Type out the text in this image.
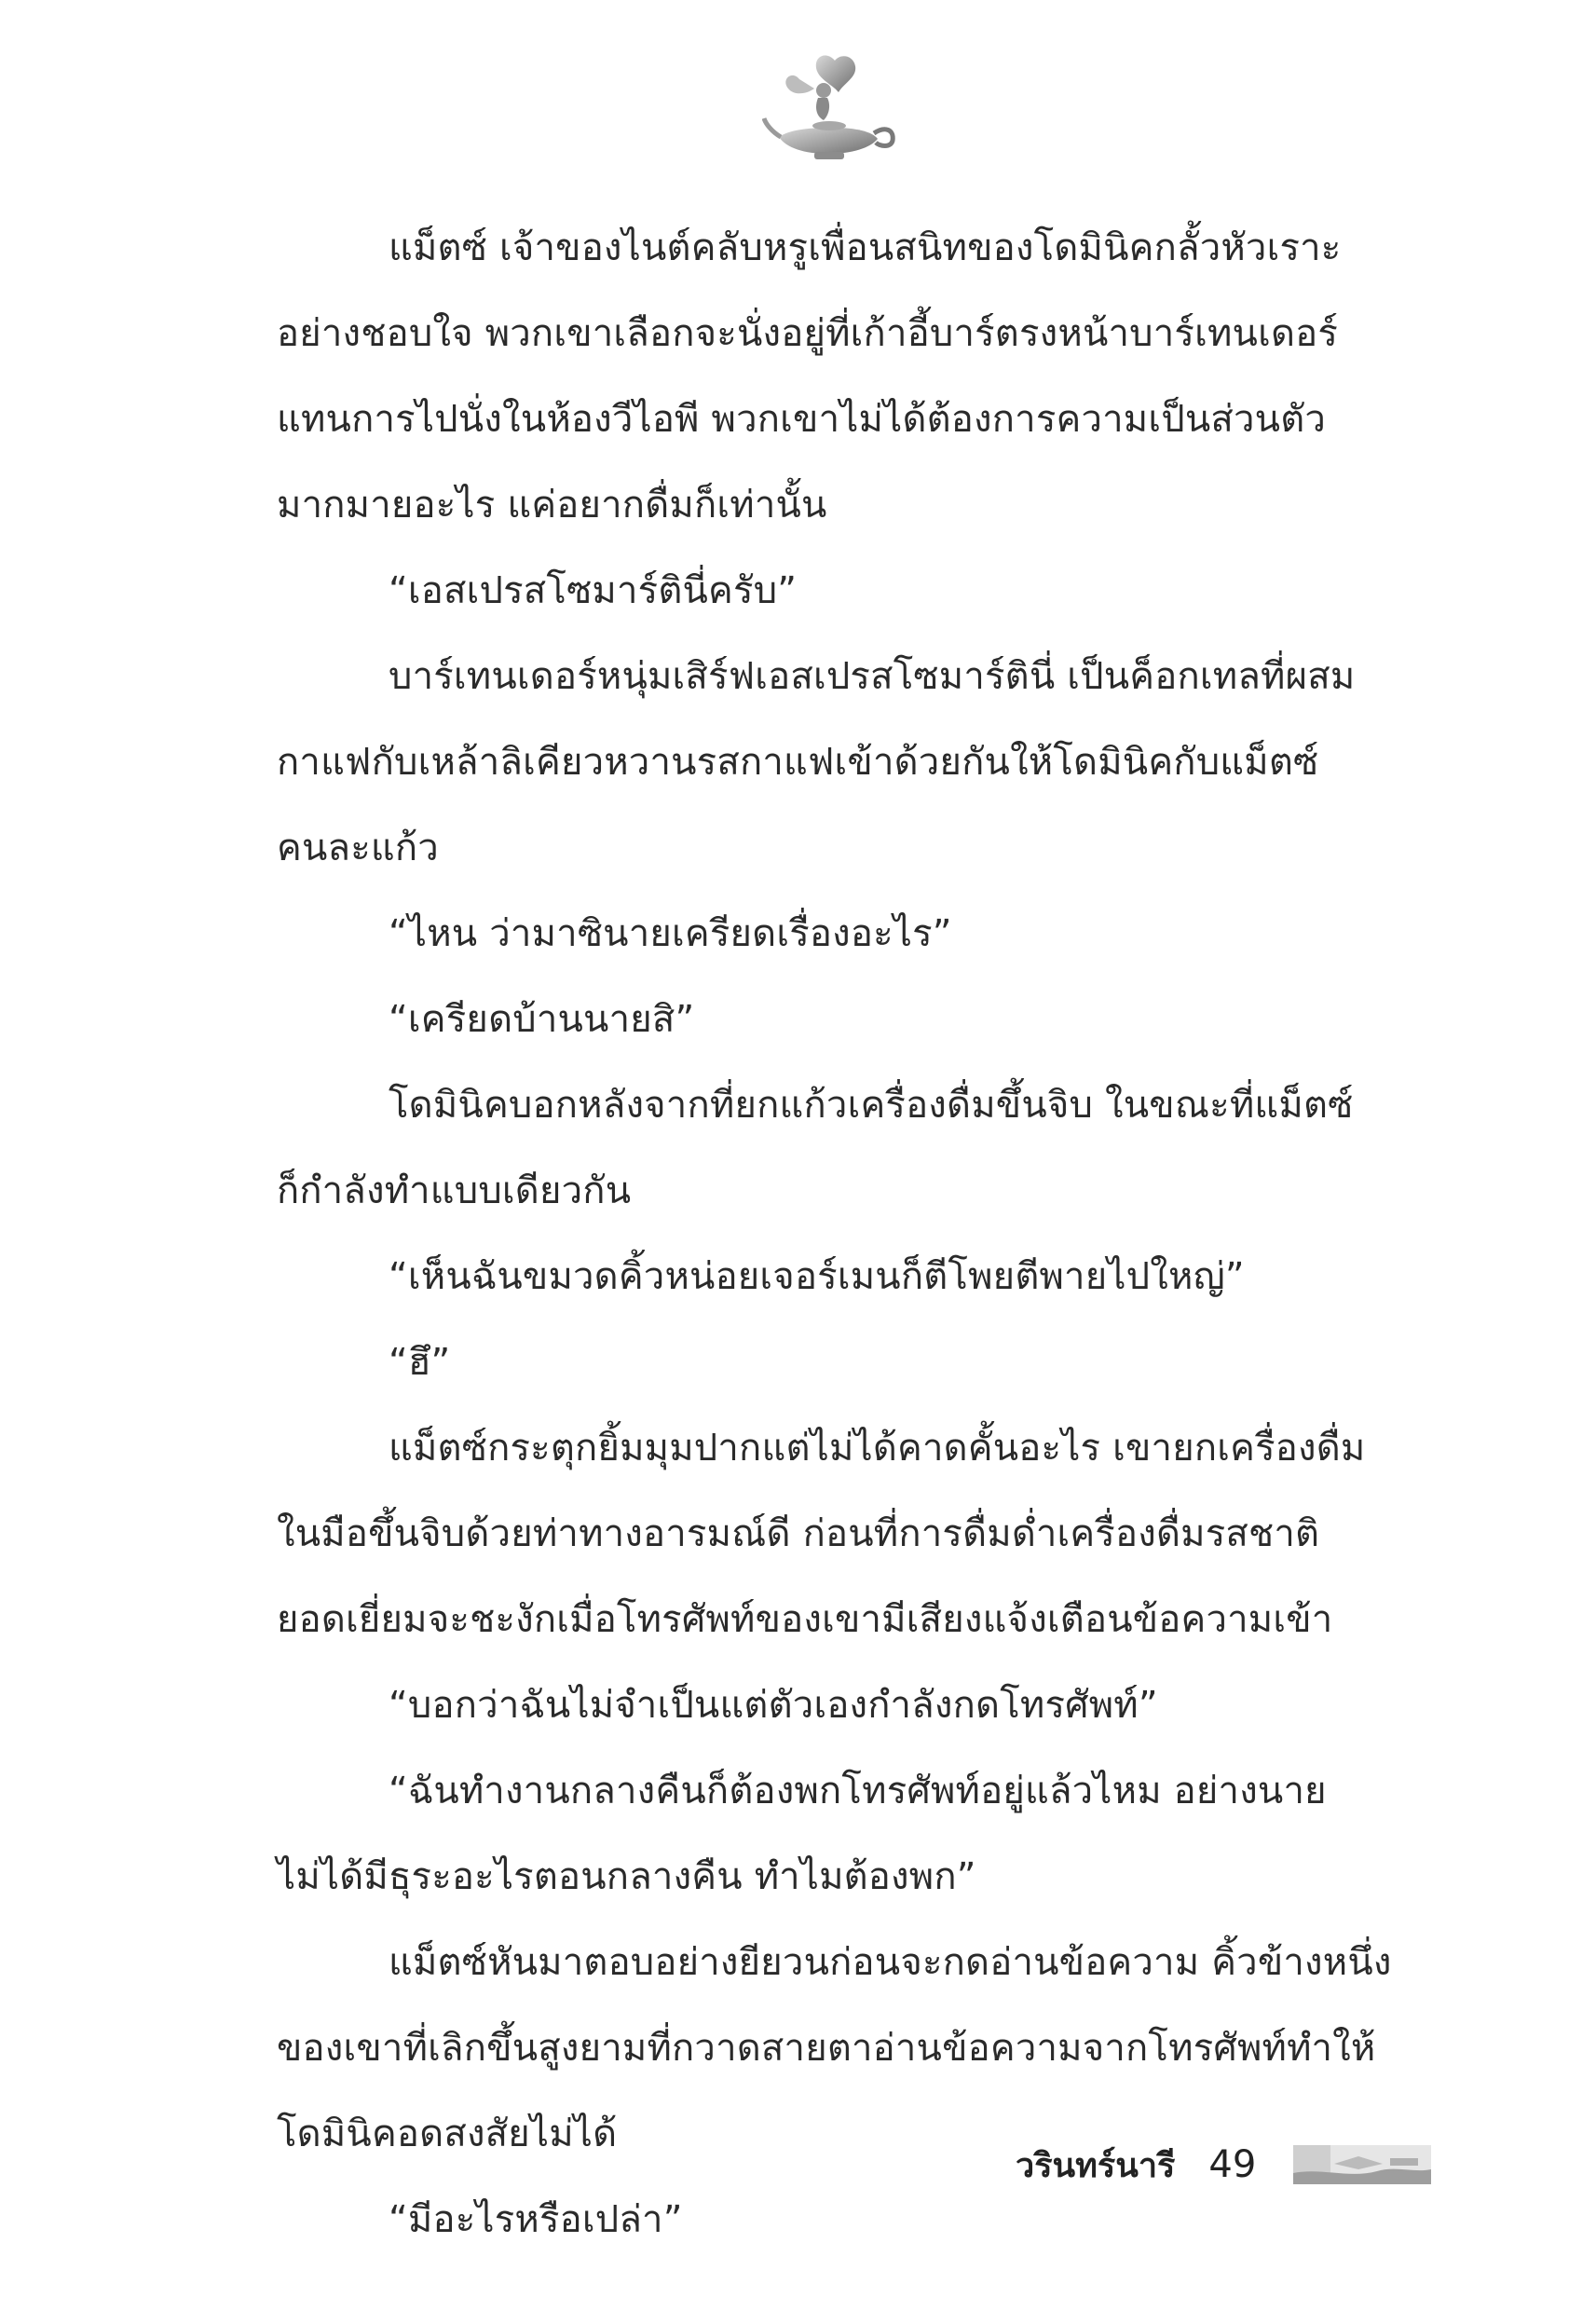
แม็ตซ์ เจ้าของไนต์คลับหรูเพื่อนสนิทของโดมินิคกลั้วหัวเราะ

อย่างชอบใจ พวกเขาเลือกจะนั่งอยู่ที่เก้าอี้บาร์ตรงหน้าบาร์เทนเดอร์

แทนการไปนั่งในห้องวีไอพี พวกเขาไม่ได้ต้องการความเป็นส่วนตัว

มากมายอะไร แค่อยากดื่มก็เท่านั้น

“เอสเปรสโซมาร์ตินี่ครับ”

บาร์เทนเดอร์หนุ่มเสิร์ฟเอสเปรสโซมาร์ตินี่ เป็นค็อกเทลที่ผสม

กาแฟกับเหล้าลิเคียวหวานรสกาแฟเข้าด้วยกันให้โดมินิคกับแม็ตซ์

คนละแก้ว

“ไหน ว่ามาซินายเครียดเรื่องอะไร”

“เครียดบ้านนายสิ”

โดมินิคบอกหลังจากที่ยกแก้วเครื่องดื่มขึ้นจิบ ในขณะที่แม็ตซ์

ก็กำลังทำแบบเดียวกัน

“เห็นฉันขมวดคิ้วหน่อยเจอร์เมนก็ตีโพยตีพายไปใหญ่”

“ฮึ”

แม็ตซ์กระตุกยิ้มมุมปากแต่ไม่ได้คาดคั้นอะไร เขายกเครื่องดื่ม

ในมือขึ้นจิบด้วยท่าทางอารมณ์ดี ก่อนที่การดื่มด่ำเครื่องดื่มรสชาติ

ยอดเยี่ยมจะชะงักเมื่อโทรศัพท์ของเขามีเสียงแจ้งเตือนข้อความเข้า

“บอกว่าฉันไม่จำเป็นแต่ตัวเองกำลังกดโทรศัพท์”

“ฉันทำงานกลางคืนก็ต้องพกโทรศัพท์อยู่แล้วไหม อย่างนาย

ไม่ได้มีธุระอะไรตอนกลางคืน ทำไมต้องพก”

แม็ตซ์หันมาตอบอย่างยียวนก่อนจะกดอ่านข้อความ คิ้วข้างหนึ่ง

ของเขาที่เลิกขึ้นสูงยามที่กวาดสายตาอ่านข้อความจากโทรศัพท์ทำให้

โดมินิคอดสงสัยไม่ได้

“มีอะไรหรือเปล่า”

วรินทร์นารี 49
